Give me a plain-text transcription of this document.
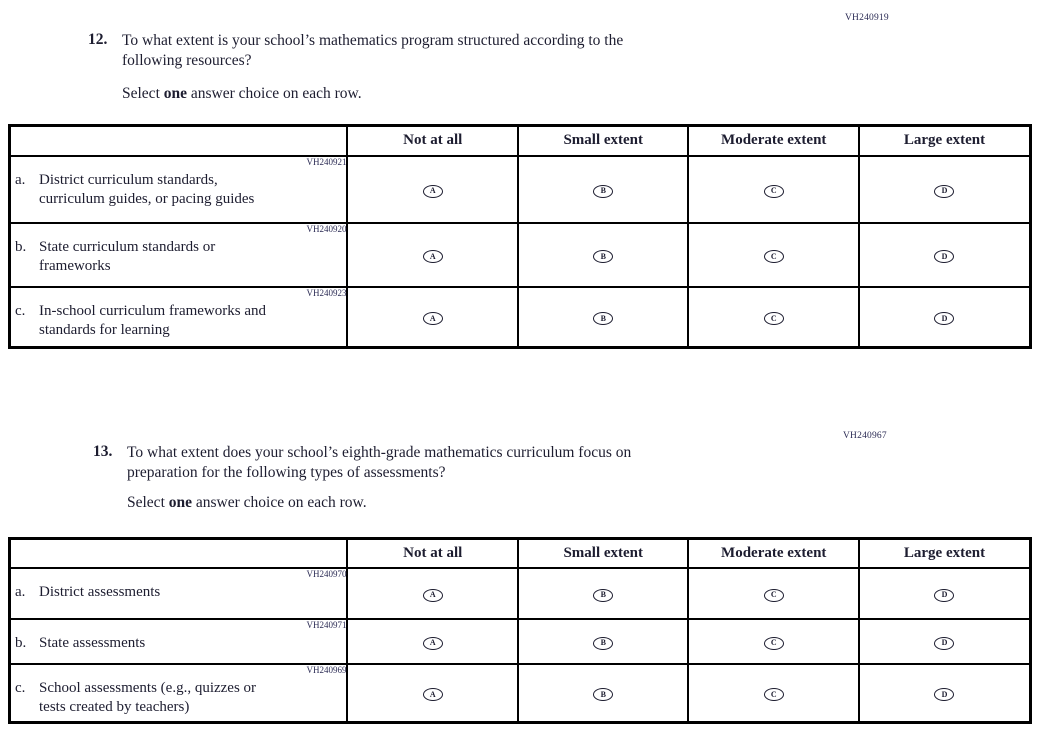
VH240919
12. To what extent is your school’s mathematics program structured according to the
following resources?
Select one answer choice on each row.
	Not at all	Small extent	Moderate extent	Large extent

VH240921
a. District curriculum standards,
curriculum guides, or pacing guides	A	B	C	D

VH240920
b. State curriculum standards or
frameworks	A	B	C	D

VH240923
c. In-school curriculum frameworks and
standards for learning	A	B	C	D
VH240967
13. To what extent does your school’s eighth-grade mathematics curriculum focus on
preparation for the following types of assessments?
Select one answer choice on each row.
	Not at all	Small extent	Moderate extent	Large extent

VH240970
a. District assessments	A	B	C	D

VH240971
b. State assessments	A	B	C	D

VH240969
c. School assessments (e.g., quizzes or
tests created by teachers)	A	B	C	D
